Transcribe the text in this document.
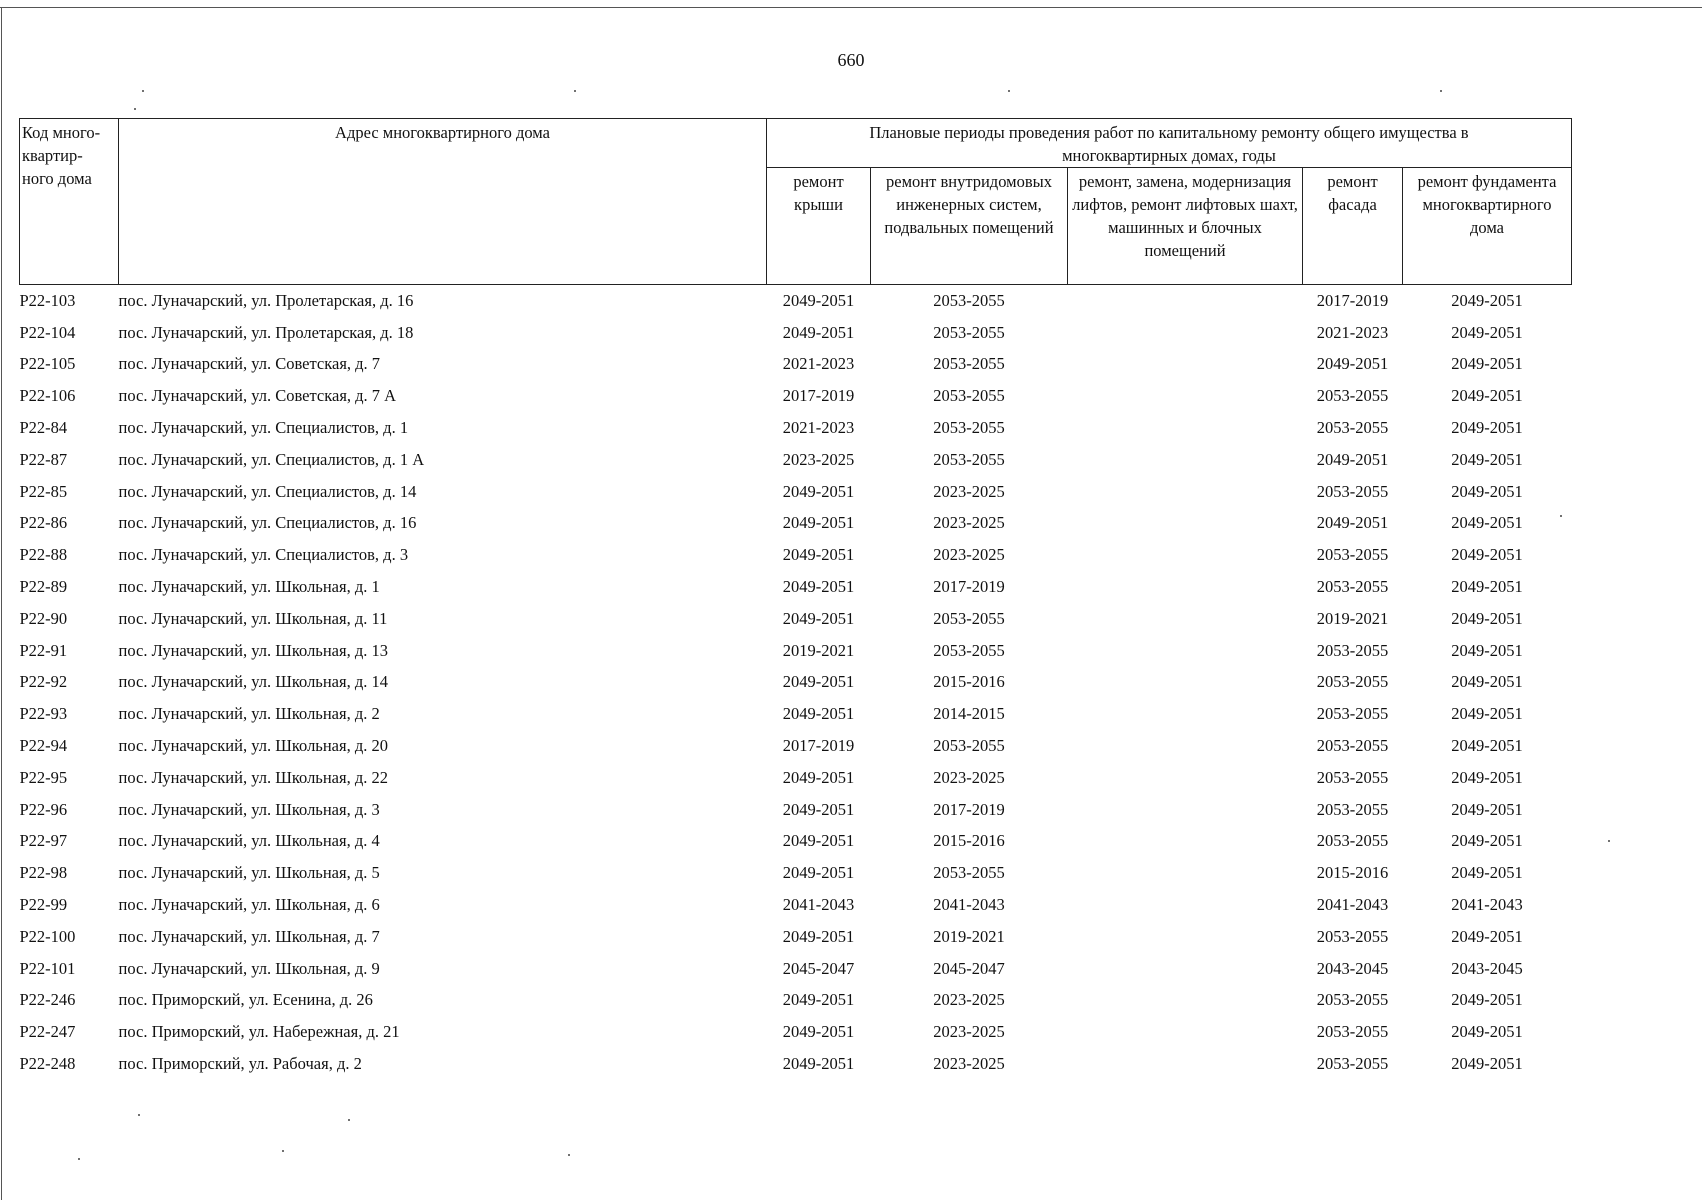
660
Код много-квартир-ного дома	Адрес многоквартирного дома	Плановые периоды проведения работ по капитальному ремонту общего имущества в многоквартирных домах, годы				

		ремонт крыши	ремонт внутридомовых инженерных систем, подвальных помещений	ремонт, замена, модернизация лифтов, ремонт лифтовых шахт, машинных и блочных помещений	ремонт фасада	ремонт фундамента многоквартирного дома
Р22-103	пос. Луначарский, ул. Пролетарская, д. 16	2049-2051	2053-2055		2017-2019	2049-2051
Р22-104	пос. Луначарский, ул. Пролетарская, д. 18	2049-2051	2053-2055		2021-2023	2049-2051
Р22-105	пос. Луначарский, ул. Советская, д. 7	2021-2023	2053-2055		2049-2051	2049-2051
Р22-106	пос. Луначарский, ул. Советская, д. 7 А	2017-2019	2053-2055		2053-2055	2049-2051
Р22-84	пос. Луначарский, ул. Специалистов, д. 1	2021-2023	2053-2055		2053-2055	2049-2051
Р22-87	пос. Луначарский, ул. Специалистов, д. 1 А	2023-2025	2053-2055		2049-2051	2049-2051
Р22-85	пос. Луначарский, ул. Специалистов, д. 14	2049-2051	2023-2025		2053-2055	2049-2051
Р22-86	пос. Луначарский, ул. Специалистов, д. 16	2049-2051	2023-2025		2049-2051	2049-2051
Р22-88	пос. Луначарский, ул. Специалистов, д. 3	2049-2051	2023-2025		2053-2055	2049-2051
Р22-89	пос. Луначарский, ул. Школьная, д. 1	2049-2051	2017-2019		2053-2055	2049-2051
Р22-90	пос. Луначарский, ул. Школьная, д. 11	2049-2051	2053-2055		2019-2021	2049-2051
Р22-91	пос. Луначарский, ул. Школьная, д. 13	2019-2021	2053-2055		2053-2055	2049-2051
Р22-92	пос. Луначарский, ул. Школьная, д. 14	2049-2051	2015-2016		2053-2055	2049-2051
Р22-93	пос. Луначарский, ул. Школьная, д. 2	2049-2051	2014-2015		2053-2055	2049-2051
Р22-94	пос. Луначарский, ул. Школьная, д. 20	2017-2019	2053-2055		2053-2055	2049-2051
Р22-95	пос. Луначарский, ул. Школьная, д. 22	2049-2051	2023-2025		2053-2055	2049-2051
Р22-96	пос. Луначарский, ул. Школьная, д. 3	2049-2051	2017-2019		2053-2055	2049-2051
Р22-97	пос. Луначарский, ул. Школьная, д. 4	2049-2051	2015-2016		2053-2055	2049-2051
Р22-98	пос. Луначарский, ул. Школьная, д. 5	2049-2051	2053-2055		2015-2016	2049-2051
Р22-99	пос. Луначарский, ул. Школьная, д. 6	2041-2043	2041-2043		2041-2043	2041-2043
Р22-100	пос. Луначарский, ул. Школьная, д. 7	2049-2051	2019-2021		2053-2055	2049-2051
Р22-101	пос. Луначарский, ул. Школьная, д. 9	2045-2047	2045-2047		2043-2045	2043-2045
Р22-246	пос. Приморский, ул. Есенина, д. 26	2049-2051	2023-2025		2053-2055	2049-2051
Р22-247	пос. Приморский, ул. Набережная, д. 21	2049-2051	2023-2025		2053-2055	2049-2051
Р22-248	пос. Приморский, ул. Рабочая, д. 2	2049-2051	2023-2025		2053-2055	2049-2051
